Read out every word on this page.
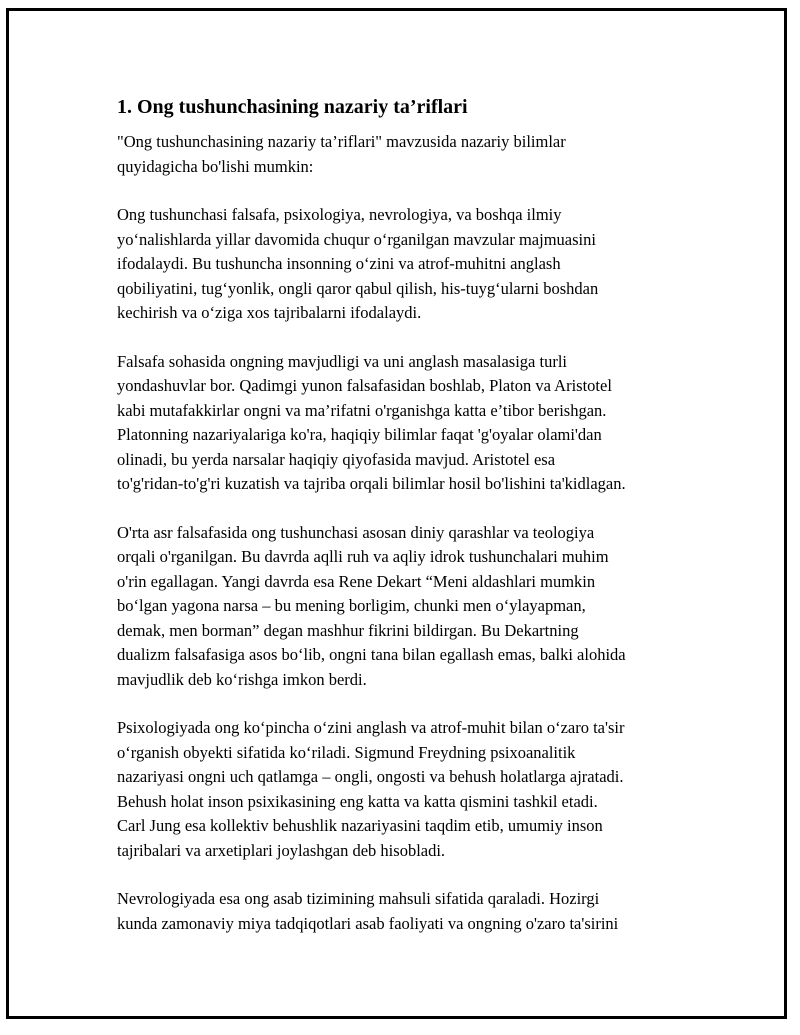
1. Ong tushunchasining nazariy ta’riflari

"Ong tushunchasining nazariy ta’riflari" mavzusida nazariy bilimlar
quyidagicha bo'lishi mumkin:

Ong tushunchasi falsafa, psixologiya, nevrologiya, va boshqa ilmiy
yo‘nalishlarda yillar davomida chuqur o‘rganilgan mavzular majmuasini
ifodalaydi. Bu tushuncha insonning o‘zini va atrof-muhitni anglash
qobiliyatini, tug‘yonlik, ongli qaror qabul qilish, his-tuyg‘ularni boshdan
kechirish va o‘ziga xos tajribalarni ifodalaydi.

Falsafa sohasida ongning mavjudligi va uni anglash masalasiga turli
yondashuvlar bor. Qadimgi yunon falsafasidan boshlab, Platon va Aristotel
kabi mutafakkirlar ongni va ma’rifatni o'rganishga katta e’tibor berishgan.
Platonning nazariyalariga ko'ra, haqiqiy bilimlar faqat 'g'oyalar olami'dan
olinadi, bu yerda narsalar haqiqiy qiyofasida mavjud. Aristotel esa
to'g'ridan-to'g'ri kuzatish va tajriba orqali bilimlar hosil bo'lishini ta'kidlagan.

O'rta asr falsafasida ong tushunchasi asosan diniy qarashlar va teologiya
orqali o'rganilgan. Bu davrda aqlli ruh va aqliy idrok tushunchalari muhim
o'rin egallagan. Yangi davrda esa Rene Dekart “Meni aldashlari mumkin
bo‘lgan yagona narsa – bu mening borligim, chunki men o‘ylayapman,
demak, men borman” degan mashhur fikrini bildirgan. Bu Dekartning
dualizm falsafasiga asos bo‘lib, ongni tana bilan egallash emas, balki alohida
mavjudlik deb ko‘rishga imkon berdi.

Psixologiyada ong ko‘pincha o‘zini anglash va atrof-muhit bilan o‘zaro ta'sir
o‘rganish obyekti sifatida ko‘riladi. Sigmund Freydning psixoanalitik
nazariyasi ongni uch qatlamga – ongli, ongosti va behush holatlarga ajratadi.
Behush holat inson psixikasining eng katta va katta qismini tashkil etadi.
Carl Jung esa kollektiv behushlik nazariyasini taqdim etib, umumiy inson
tajribalari va arxetiplari joylashgan deb hisobladi.

Nevrologiyada esa ong asab tizimining mahsuli sifatida qaraladi. Hozirgi
kunda zamonaviy miya tadqiqotlari asab faoliyati va ongning o'zaro ta'sirini
